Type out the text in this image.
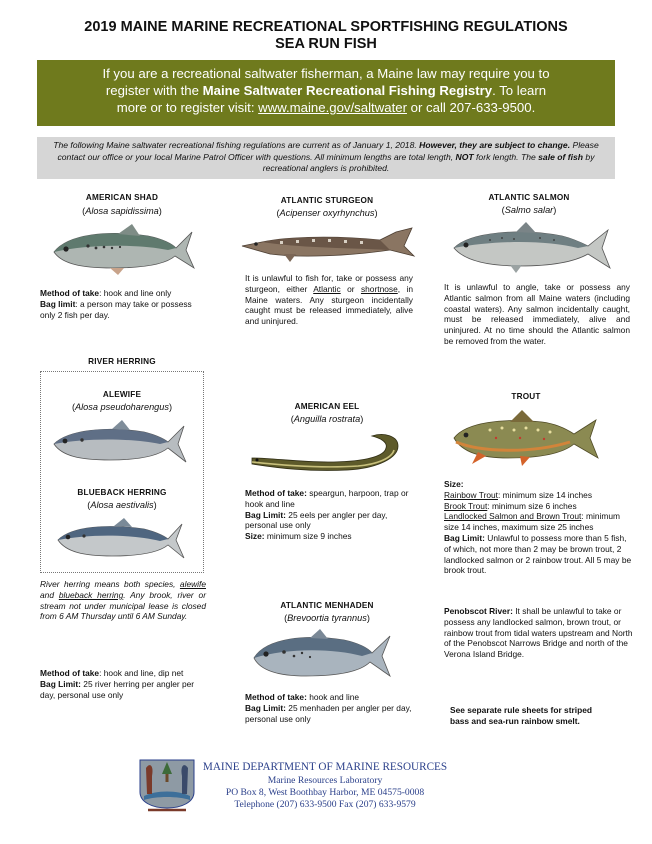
2019 MAINE MARINE RECREATIONAL SPORTFISHING REGULATIONS
SEA RUN FISH
If you are a recreational saltwater fisherman, a Maine law may require you to
register with the Maine Saltwater Recreational Fishing Registry. To learn
more or to register visit: www.maine.gov/saltwater or call 207-633-9500.
The following Maine saltwater recreational fishing regulations are current as of January 1, 2018. However, they are subject to change. Please contact our office or your local Marine Patrol Officer with questions. All minimum lengths are total length, NOT fork length. The sale of fish by recreational anglers is prohibited.
AMERICAN SHAD
(Alosa sapidissima)
Method of take: hook and line only
Bag limit: a person may take or possess only 2 fish per day.
ATLANTIC STURGEON
(Acipenser oxyrhynchus)
It is unlawful to fish for, take or possess any sturgeon, either Atlantic or shortnose, in Maine waters. Any sturgeon incidentally caught must be released immediately, alive and uninjured.
ATLANTIC SALMON
(Salmo salar)
It is unlawful to angle, take or possess any Atlantic salmon from all Maine waters (including coastal waters). Any salmon incidentally caught, must be released immediately, alive and uninjured. At no time should the Atlantic salmon be removed from the water.
RIVER HERRING
ALEWIFE
(Alosa pseudoharengus)
BLUEBACK HERRING
(Alosa aestivalis)
River herring means both species, alewife and blueback herring. Any brook, river or stream not under municipal lease is closed from 6 AM Thursday until 6 AM Sunday.
Method of take: hook and line, dip net
Bag Limit: 25 river herring per angler per day, personal use only
AMERICAN EEL
(Anguilla rostrata)
Method of take: speargun, harpoon, trap or hook and line
Bag Limit: 25 eels per angler per day, personal use only
Size: minimum size 9 inches
ATLANTIC MENHADEN
(Brevoortia tyrannus)
Method of take: hook and line
Bag Limit: 25 menhaden per angler per day, personal use only
TROUT
Size:
Rainbow Trout: minimum size 14 inches
Brook Trout: minimum size 6 inches
Landlocked Salmon and Brown Trout: minimum size 14 inches, maximum size 25 inches
Bag Limit: Unlawful to possess more than 5 fish, of which, not more than 2 may be brown trout, 2 landlocked salmon or 2 rainbow trout. All 5 may be brook trout.
Penobscot River: It shall be unlawful to take or possess any landlocked salmon, brown trout, or rainbow trout from tidal waters upstream and North of the Penobscot Narrows Bridge and north of the Verona Island Bridge.
See separate rule sheets for striped bass and sea-run rainbow smelt.
MAINE DEPARTMENT OF MARINE RESOURCES
Marine Resources Laboratory
PO Box 8, West Boothbay Harbor, ME 04575-0008
Telephone (207) 633-9500 Fax (207) 633-9579
